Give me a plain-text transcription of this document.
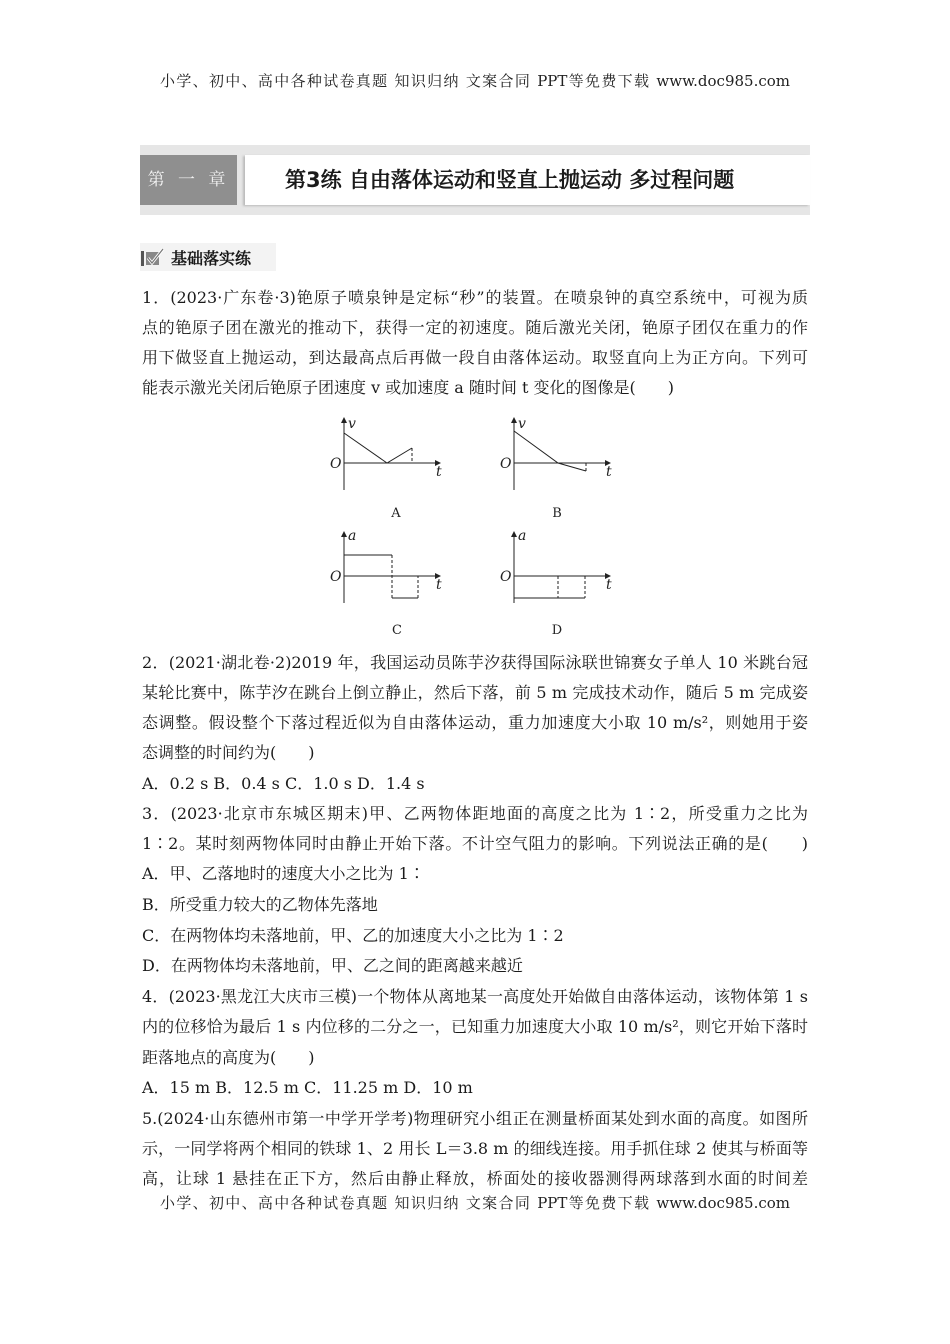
小学、初中、高中各种试卷真题 知识归纳 文案合同 PPT等免费下载 www.doc985.com
第 一 章	第3练 自由落体运动和竖直上抛运动 多过程问题
基础落实练
1．(2023·广东卷·3)铯原子喷泉钟是定标“秒”的装置。在喷泉钟的真空系统中，可视为质
点的铯原子团在激光的推动下，获得一定的初速度。随后激光关闭，铯原子团仅在重力的作
用下做竖直上抛运动，到达最高点后再做一段自由落体运动。取竖直向上为正方向。下列可
能表示激光关闭后铯原子团速度 v 或加速度 a 随时间 t 变化的图像是(　　)
v
O	t
v
O	t
a
O	t
a
O	t
A	B
C	D
2．(2021·湖北卷·2)2019 年，我国运动员陈芋汐获得国际泳联世锦赛女子单人 10 米跳台冠
某轮比赛中，陈芋汐在跳台上倒立静止，然后下落，前 5 m 完成技术动作，随后 5 m 完成姿
态调整。假设整个下落过程近似为自由落体运动，重力加速度大小取 10 m/s²，则她用于姿
态调整的时间约为(　　)
A．0.2 s B．0.4 s C．1.0 s D．1.4 s
3．(2023·北京市东城区期末)甲、乙两物体距地面的高度之比为 1∶2，所受重力之比为
1∶2。某时刻两物体同时由静止开始下落。不计空气阻力的影响。下列说法正确的是(　　)
A．甲、乙落地时的速度大小之比为 1∶
B．所受重力较大的乙物体先落地
C．在两物体均未落地前，甲、乙的加速度大小之比为 1∶2
D．在两物体均未落地前，甲、乙之间的距离越来越近
4．(2023·黑龙江大庆市三模)一个物体从离地某一高度处开始做自由落体运动，该物体第 1 s
内的位移恰为最后 1 s 内位移的二分之一，已知重力加速度大小取 10 m/s²，则它开始下落时
距落地点的高度为(　　)
A．15 m B．12.5 m C．11.25 m D．10 m
5.(2024·山东德州市第一中学开学考)物理研究小组正在测量桥面某处到水面的高度。如图所
示，一同学将两个相同的铁球 1、2 用长 L＝3.8 m 的细线连接。用手抓住球 2 使其与桥面等
高，让球 1 悬挂在正下方，然后由静止释放，桥面处的接收器测得两球落到水面的时间差
小学、初中、高中各种试卷真题 知识归纳 文案合同 PPT等免费下载 www.doc985.com
